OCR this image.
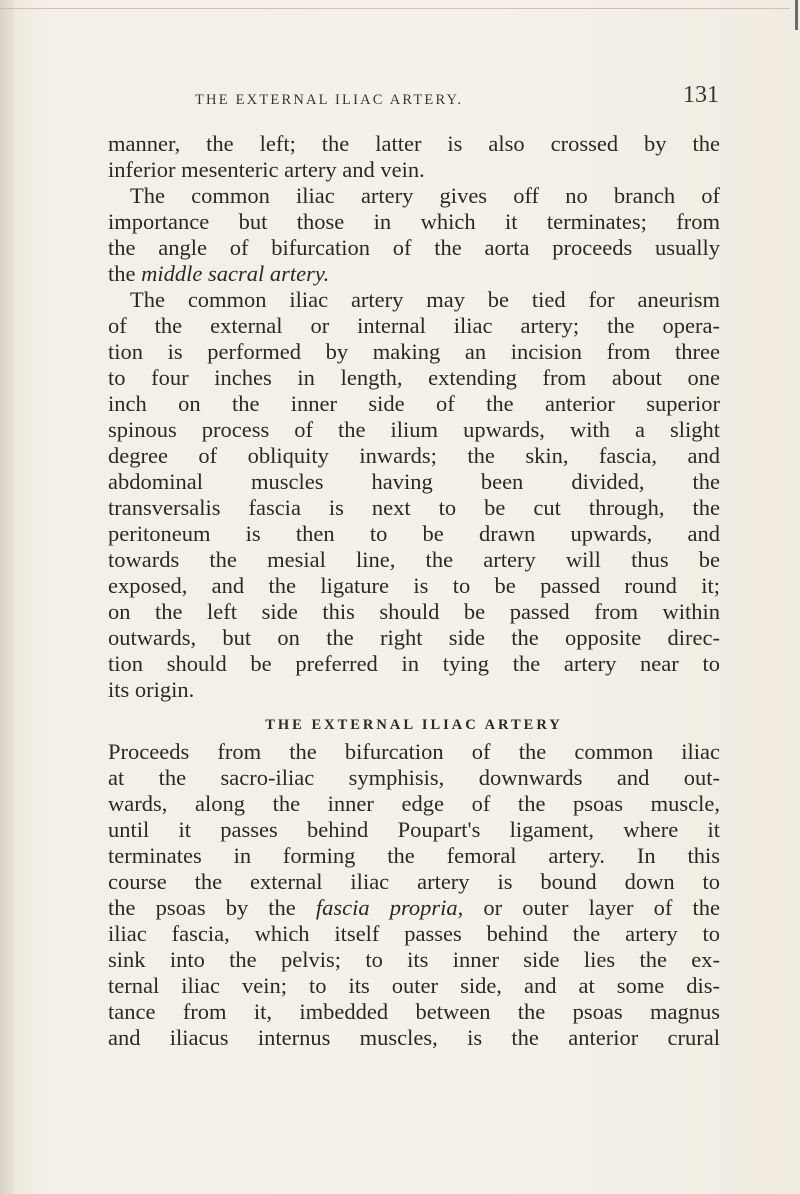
THE EXTERNAL ILIAC ARTERY.	131
manner, the left; the latter is also crossed by the
inferior mesenteric artery and vein.
The common iliac artery gives off no branch of
importance but those in which it terminates; from
the angle of bifurcation of the aorta proceeds usually
the middle sacral artery.
The common iliac artery may be tied for aneurism
of the external or internal iliac artery; the opera-
tion is performed by making an incision from three
to four inches in length, extending from about one
inch on the inner side of the anterior superior
spinous process of the ilium upwards, with a slight
degree of obliquity inwards; the skin, fascia, and
abdominal muscles having been divided, the
transversalis fascia is next to be cut through, the
peritoneum is then to be drawn upwards, and
towards the mesial line, the artery will thus be
exposed, and the ligature is to be passed round it;
on the left side this should be passed from within
outwards, but on the right side the opposite direc-
tion should be preferred in tying the artery near to
its origin.
THE EXTERNAL ILIAC ARTERY
Proceeds from the bifurcation of the common iliac
at the sacro-iliac symphisis, downwards and out-
wards, along the inner edge of the psoas muscle,
until it passes behind Poupart's ligament, where it
terminates in forming the femoral artery. In this
course the external iliac artery is bound down to
the psoas by the fascia propria, or outer layer of the
iliac fascia, which itself passes behind the artery to
sink into the pelvis; to its inner side lies the ex-
ternal iliac vein; to its outer side, and at some dis-
tance from it, imbedded between the psoas magnus
and iliacus internus muscles, is the anterior crural
